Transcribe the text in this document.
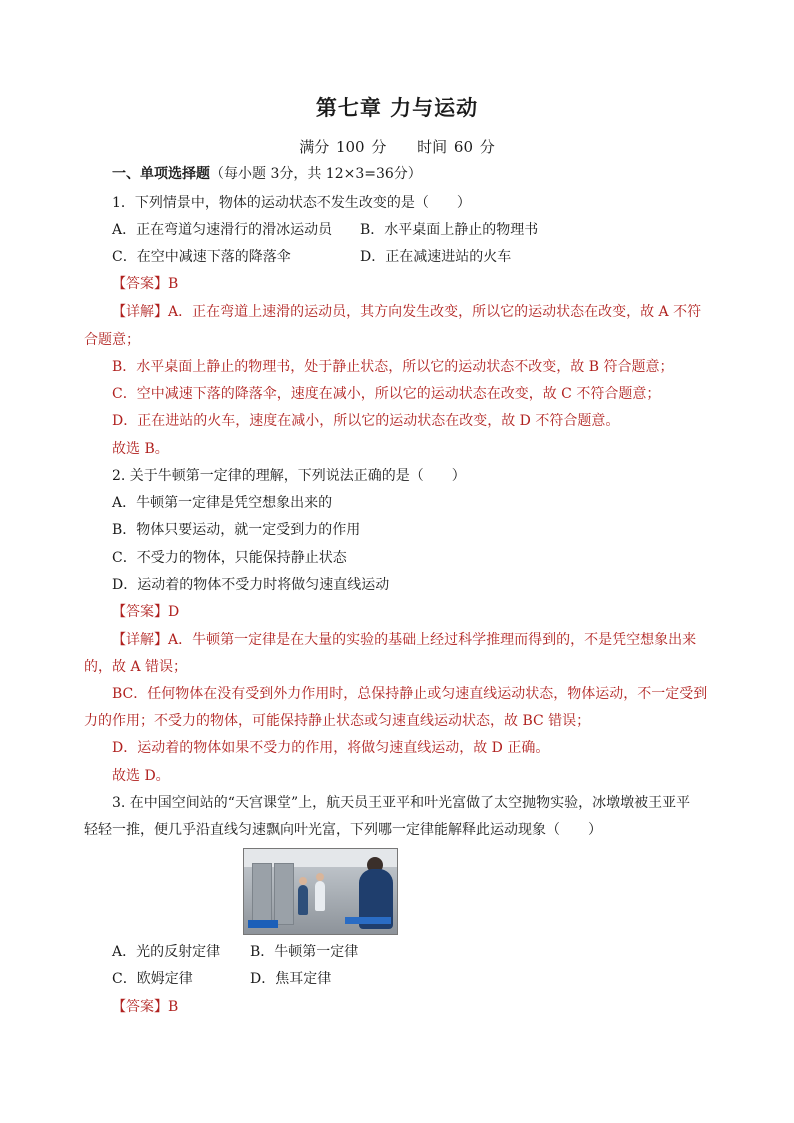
第七章 力与运动
满分 100 分 时间 60 分
一、单项选择题（每小题 3分，共 12×3=36分）
1．下列情景中，物体的运动状态不发生改变的是（　　）
A．正在弯道匀速滑行的滑冰运动员 B．水平桌面上静止的物理书
C．在空中减速下落的降落伞	D．正在减速进站的火车
【答案】B
【详解】A．正在弯道上速滑的运动员，其方向发生改变，所以它的运动状态在改变，故 A 不符
合题意；
B．水平桌面上静止的物理书，处于静止状态，所以它的运动状态不改变，故 B 符合题意；
C．空中减速下落的降落伞，速度在减小，所以它的运动状态在改变，故 C 不符合题意；
D．正在进站的火车，速度在减小，所以它的运动状态在改变，故 D 不符合题意。
故选 B。
2. 关于牛顿第一定律的理解，下列说法正确的是（　　）
A．牛顿第一定律是凭空想象出来的
B．物体只要运动，就一定受到力的作用
C．不受力的物体，只能保持静止状态
D．运动着的物体不受力时将做匀速直线运动
【答案】D
【详解】A．牛顿第一定律是在大量的实验的基础上经过科学推理而得到的，不是凭空想象出来
的，故 A 错误；
BC．任何物体在没有受到外力作用时，总保持静止或匀速直线运动状态，物体运动，不一定受到
力的作用；不受力的物体，可能保持静止状态或匀速直线运动状态，故 BC 错误；
D．运动着的物体如果不受力的作用，将做匀速直线运动，故 D 正确。
故选 D。
3. 在中国空间站的“天宫课堂”上，航天员王亚平和叶光富做了太空抛物实验，冰墩墩被王亚平
轻轻一推，便几乎沿直线匀速飘向叶光富，下列哪一定律能解释此运动现象（　　）
A．光的反射定律 B．牛顿第一定律
C．欧姆定律	D．焦耳定律
【答案】B
